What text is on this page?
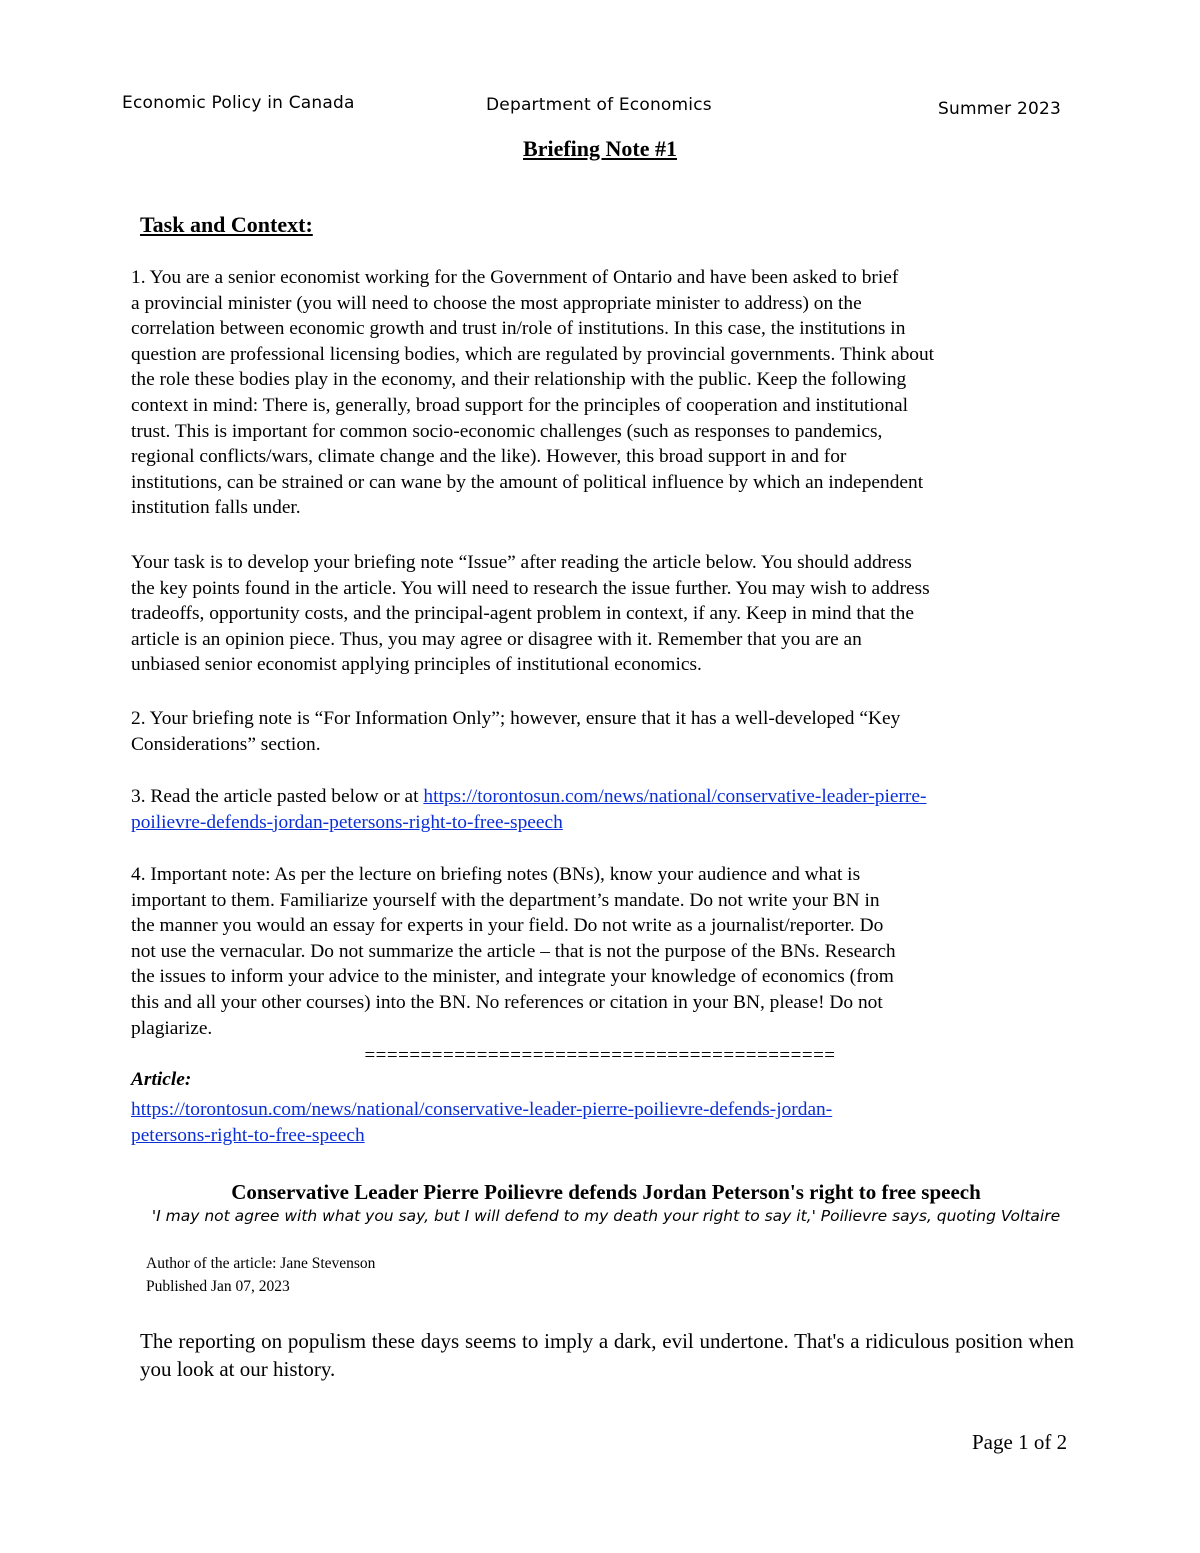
Economic Policy in Canada	Department of Economics	Summer 2023
Briefing Note #1
Task and Context:
1. You are a senior economist working for the Government of Ontario and have been asked to brief
a provincial minister (you will need to choose the most appropriate minister to address) on the
correlation between economic growth and trust in/role of institutions. In this case, the institutions in
question are professional licensing bodies, which are regulated by provincial governments. Think about
the role these bodies play in the economy, and their relationship with the public. Keep the following
context in mind: There is, generally, broad support for the principles of cooperation and institutional
trust. This is important for common socio-economic challenges (such as responses to pandemics,
regional conflicts/wars, climate change and the like). However, this broad support in and for
institutions, can be strained or can wane by the amount of political influence by which an independent
institution falls under.
Your task is to develop your briefing note “Issue” after reading the article below. You should address
the key points found in the article. You will need to research the issue further. You may wish to address
tradeoffs, opportunity costs, and the principal-agent problem in context, if any. Keep in mind that the
article is an opinion piece. Thus, you may agree or disagree with it. Remember that you are an
unbiased senior economist applying principles of institutional economics.
2. Your briefing note is “For Information Only”; however, ensure that it has a well-developed “Key
Considerations” section.
3. Read the article pasted below or at https://torontosun.com/news/national/conservative-leader-pierre-
poilievre-defends-jordan-petersons-right-to-free-speech
4. Important note: As per the lecture on briefing notes (BNs), know your audience and what is
important to them. Familiarize yourself with the department’s mandate. Do not write your BN in
the manner you would an essay for experts in your field. Do not write as a journalist/reporter. Do
not use the vernacular. Do not summarize the article – that is not the purpose of the BNs. Research
the issues to inform your advice to the minister, and integrate your knowledge of economics (from
this and all your other courses) into the BN. No references or citation in your BN, please! Do not
plagiarize.
==========================================
Article:
https://torontosun.com/news/national/conservative-leader-pierre-poilievre-defends-jordan-
petersons-right-to-free-speech
Conservative Leader Pierre Poilievre defends Jordan Peterson's right to free speech
'I may not agree with what you say, but I will defend to my death your right to say it,' Poilievre says, quoting Voltaire
Author of the article: Jane Stevenson
Published Jan 07, 2023
The reporting on populism these days seems to imply a dark, evil undertone. That's a ridiculous position when you look at our history.
Page 1 of 2
